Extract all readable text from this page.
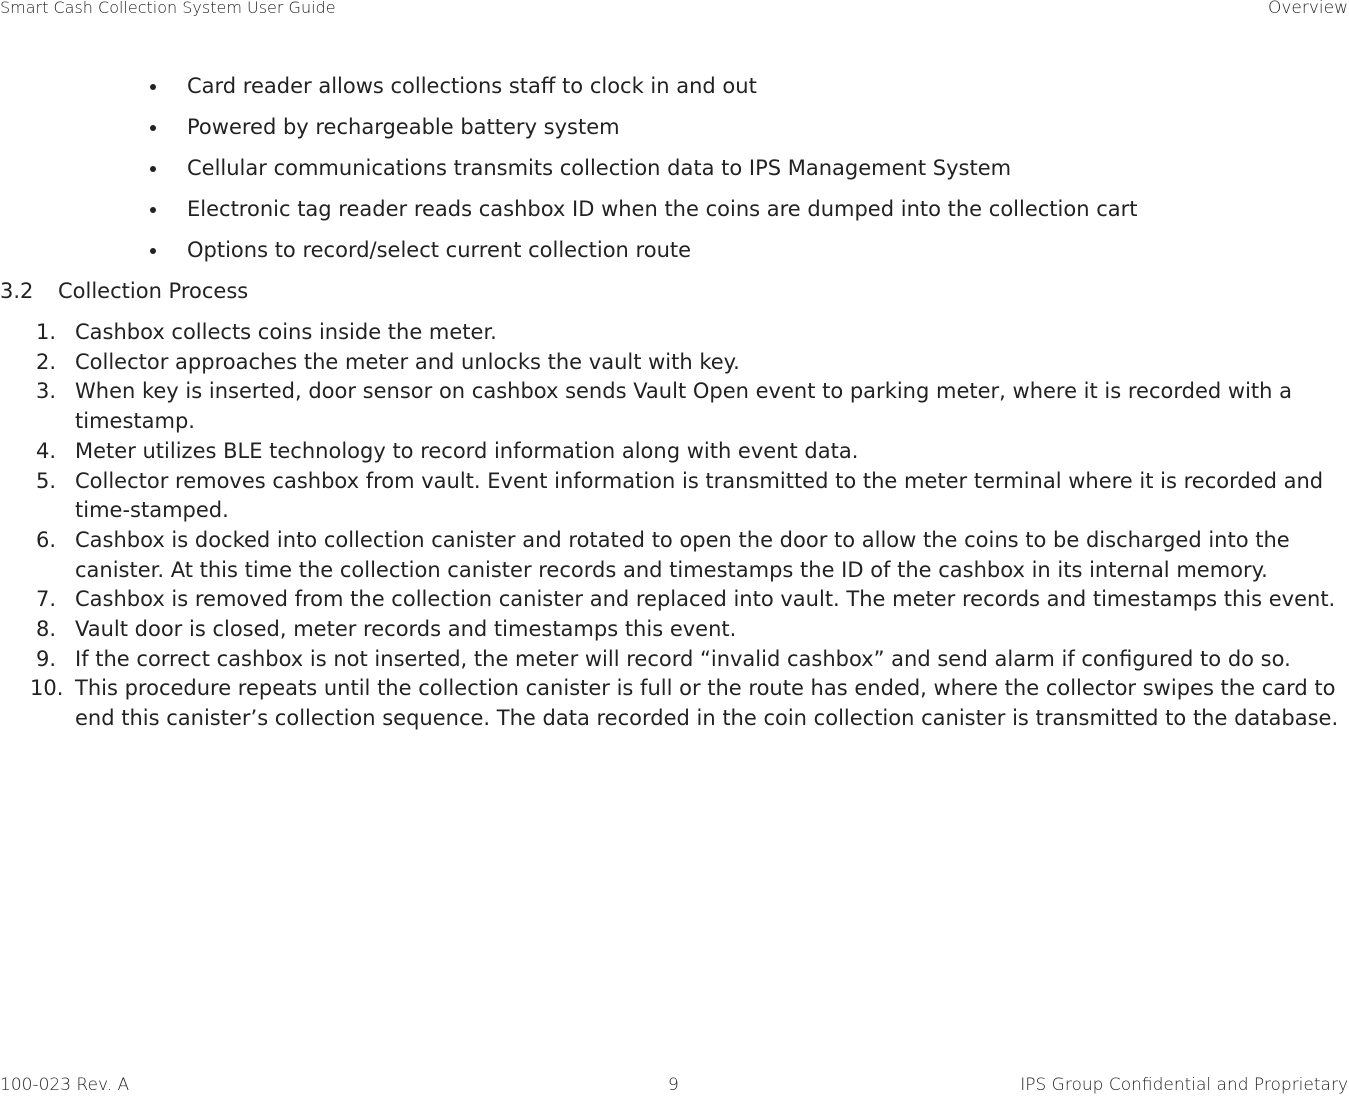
Smart Cash Collection System User Guide	Overview
Card reader allows collections staff to clock in and out
Powered by rechargeable battery system
Cellular communications transmits collection data to IPS Management System
Electronic tag reader reads cashbox ID when the coins are dumped into the collection cart
Options to record/select current collection route
3.2 Collection Process
1. Cashbox collects coins inside the meter.
2. Collector approaches the meter and unlocks the vault with key.
3. When key is inserted, door sensor on cashbox sends Vault Open event to parking meter, where it is recorded with a timestamp.
4. Meter utilizes BLE technology to record information along with event data.
5. Collector removes cashbox from vault. Event information is transmitted to the meter terminal where it is recorded and time-stamped.
6. Cashbox is docked into collection canister and rotated to open the door to allow the coins to be discharged into the canister. At this time the collection canister records and timestamps the ID of the cashbox in its internal memory.
7. Cashbox is removed from the collection canister and replaced into vault. The meter records and timestamps this event.
8. Vault door is closed, meter records and timestamps this event.
9. If the correct cashbox is not inserted, the meter will record “invalid cashbox” and send alarm if configured to do so.
10. This procedure repeats until the collection canister is full or the route has ended, where the collector swipes the card to end this canister’s collection sequence. The data recorded in the coin collection canister is transmitted to the database.
100-023 Rev. A	9	IPS Group Confidential and Proprietary
